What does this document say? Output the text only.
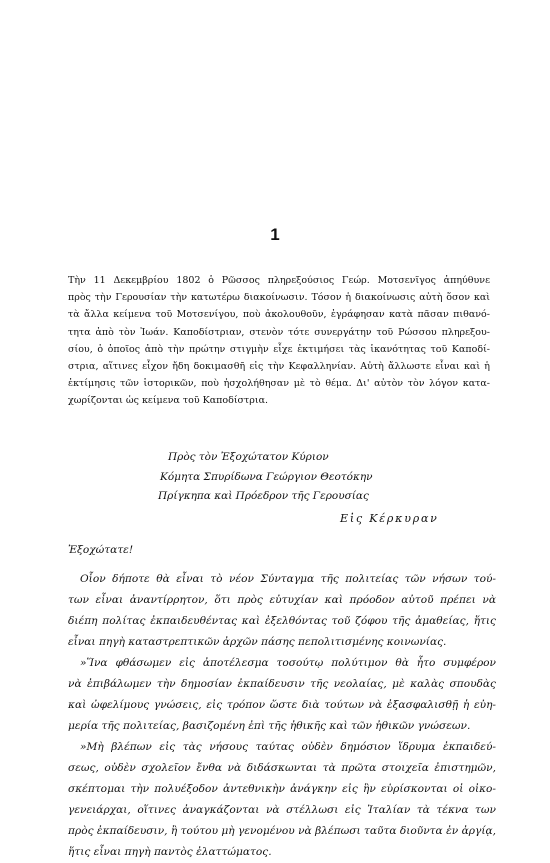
1
Τὴν 11 Δεκεμβρίου 1802 ὁ Ρῶσσος πληρεξούσιος Γεώρ. Μοτσενῖγος ἀπηύθυνε
πρὸς τὴν Γερουσίαν τὴν κατωτέρω διακοίνωσιν. Τόσον ἡ διακοίνωσις αὐτὴ ὅσον καὶ
τὰ ἄλλα κείμενα τοῦ Μοτσενίγου, ποὺ ἀκολουθοῦν, ἐγράφησαν κατὰ πᾶσαν πιθανό-
τητα ἀπὸ τὸν Ἰωάν. Καποδίστριαν, στενὸν τότε συνεργάτην τοῦ Ρώσσου πληρεξου-
σίου, ὁ ὁποῖος ἀπὸ τὴν πρώτην στιγμὴν εἶχε ἐκτιμήσει τὰς ἱκανότητας τοῦ Καποδί-
στρια, αἵτινες εἶχον ἤδη δοκιμασθῆ εἰς τὴν Κεφαλληνίαν. Αὐτὴ ἄλλωστε εἶναι καὶ ἡ
ἐκτίμησις τῶν ἱστορικῶν, ποὺ ἠσχολήθησαν μὲ τὸ θέμα. Δι' αὐτὸν τὸν λόγον κατα-
χωρίζονται ὡς κείμενα τοῦ Καποδίστρια.
Πρὸς τὸν Ἐξοχώτατον Κύριον
Κόμητα Σπυρίδωνα Γεώργιον Θεοτόκην
Πρίγκηπα καὶ Πρόεδρον τῆς Γερουσίας
Εἰς Κέρκυραν
Ἐξοχώτατε!
Οἷον δήποτε θὰ εἶναι τὸ νέον Σύνταγμα τῆς πολιτείας τῶν νήσων τού-
των εἶναι ἀναντίρρητον, ὅτι πρὸς εὐτυχίαν καὶ πρόοδον αὐτοῦ πρέπει νὰ
διέπη πολίτας ἐκπαιδευθέντας καὶ ἐξελθόντας τοῦ ζόφου τῆς ἀμαθείας, ἥτις
εἶναι πηγὴ καταστρεπτικῶν ἀρχῶν πάσης πεπολιτισμένης κοινωνίας.
»Ἵνα φθάσωμεν εἰς ἀποτέλεσμα τοσούτῳ πολύτιμον θὰ ἦτο συμφέρον
νὰ ἐπιβάλωμεν τὴν δημοσίαν ἐκπαίδευσιν τῆς νεολαίας, μὲ καλὰς σπουδὰς
καὶ ὠφελίμους γνώσεις, εἰς τρόπον ὥστε διὰ τούτων νὰ ἐξασφαλισθῇ ἡ εὐη-
μερία τῆς πολιτείας, βασιζομένη ἐπὶ τῆς ἠθικῆς καὶ τῶν ἠθικῶν γνώσεων.
»Μὴ βλέπων εἰς τὰς νήσους ταύτας οὐδὲν δημόσιον ἵδρυμα ἐκπαιδεύ-
σεως, οὐδὲν σχολεῖον ἔνθα νὰ διδάσκωνται τὰ πρῶτα στοιχεῖα ἐπιστημῶν,
σκέπτομαι τὴν πολυέξοδον ἀντεθνικὴν ἀνάγκην εἰς ἣν εὑρίσκονται οἱ οἰκο-
γενειάρχαι, οἵτινες ἀναγκάζονται νὰ στέλλωσι εἰς Ἰταλίαν τὰ τέκνα των
πρὸς ἐκπαίδευσιν, ἢ τούτου μὴ γενομένου νὰ βλέπωσι ταῦτα διοῦντα ἐν ἀργίᾳ,
ἥτις εἶναι πηγὴ παντὸς ἐλαττώματος.
